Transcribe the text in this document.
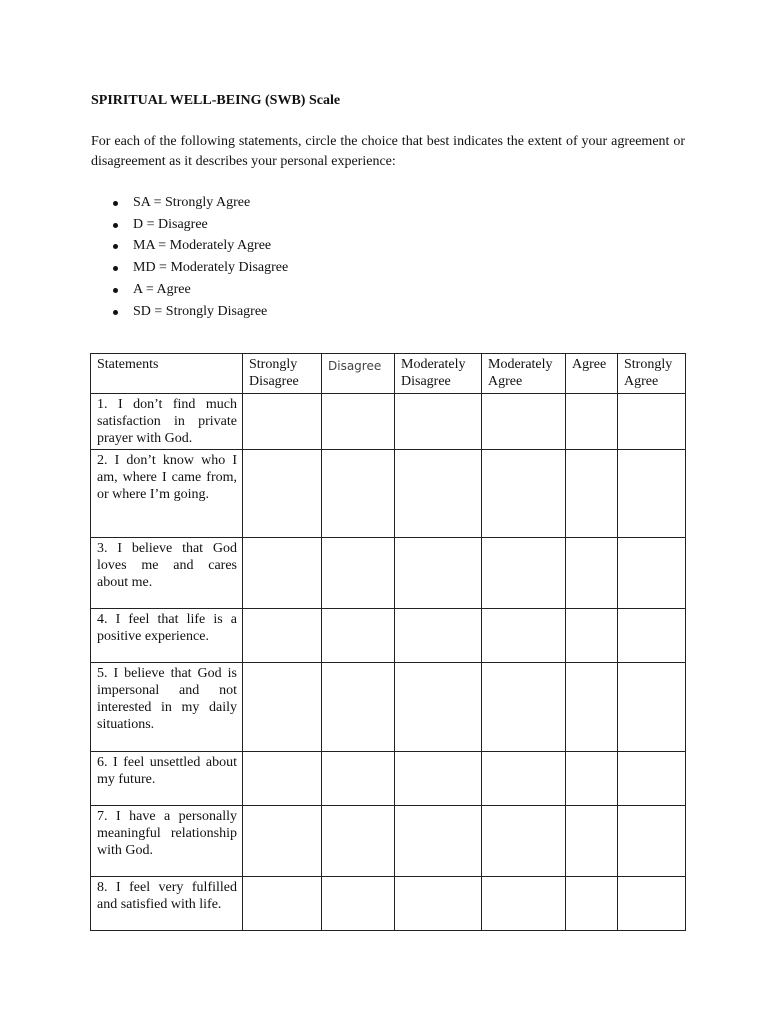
SPIRITUAL WELL-BEING (SWB) Scale

For each of the following statements, circle the choice that best indicates the extent of your agreement or disagreement as it describes your personal experience:

SA = Strongly Agree
D = Disagree
MA = Moderately Agree
MD = Moderately Disagree
A = Agree
SD = Strongly Disagree
Statements	Strongly Disagree	Disagree	Moderately Disagree	Moderately Agree	Agree	Strongly Agree
1. I don’t find much satisfaction in private prayer with God.						
2. I don’t know who I am, where I came from, or where I’m going.						
3. I believe that God loves me and cares about me.						
4. I feel that life is a positive experience.						
5. I believe that God is impersonal and not interested in my daily situations.						
6. I feel unsettled about my future.						
7. I have a personally meaningful relationship with God.						
8. I feel very fulfilled and satisfied with life.						
